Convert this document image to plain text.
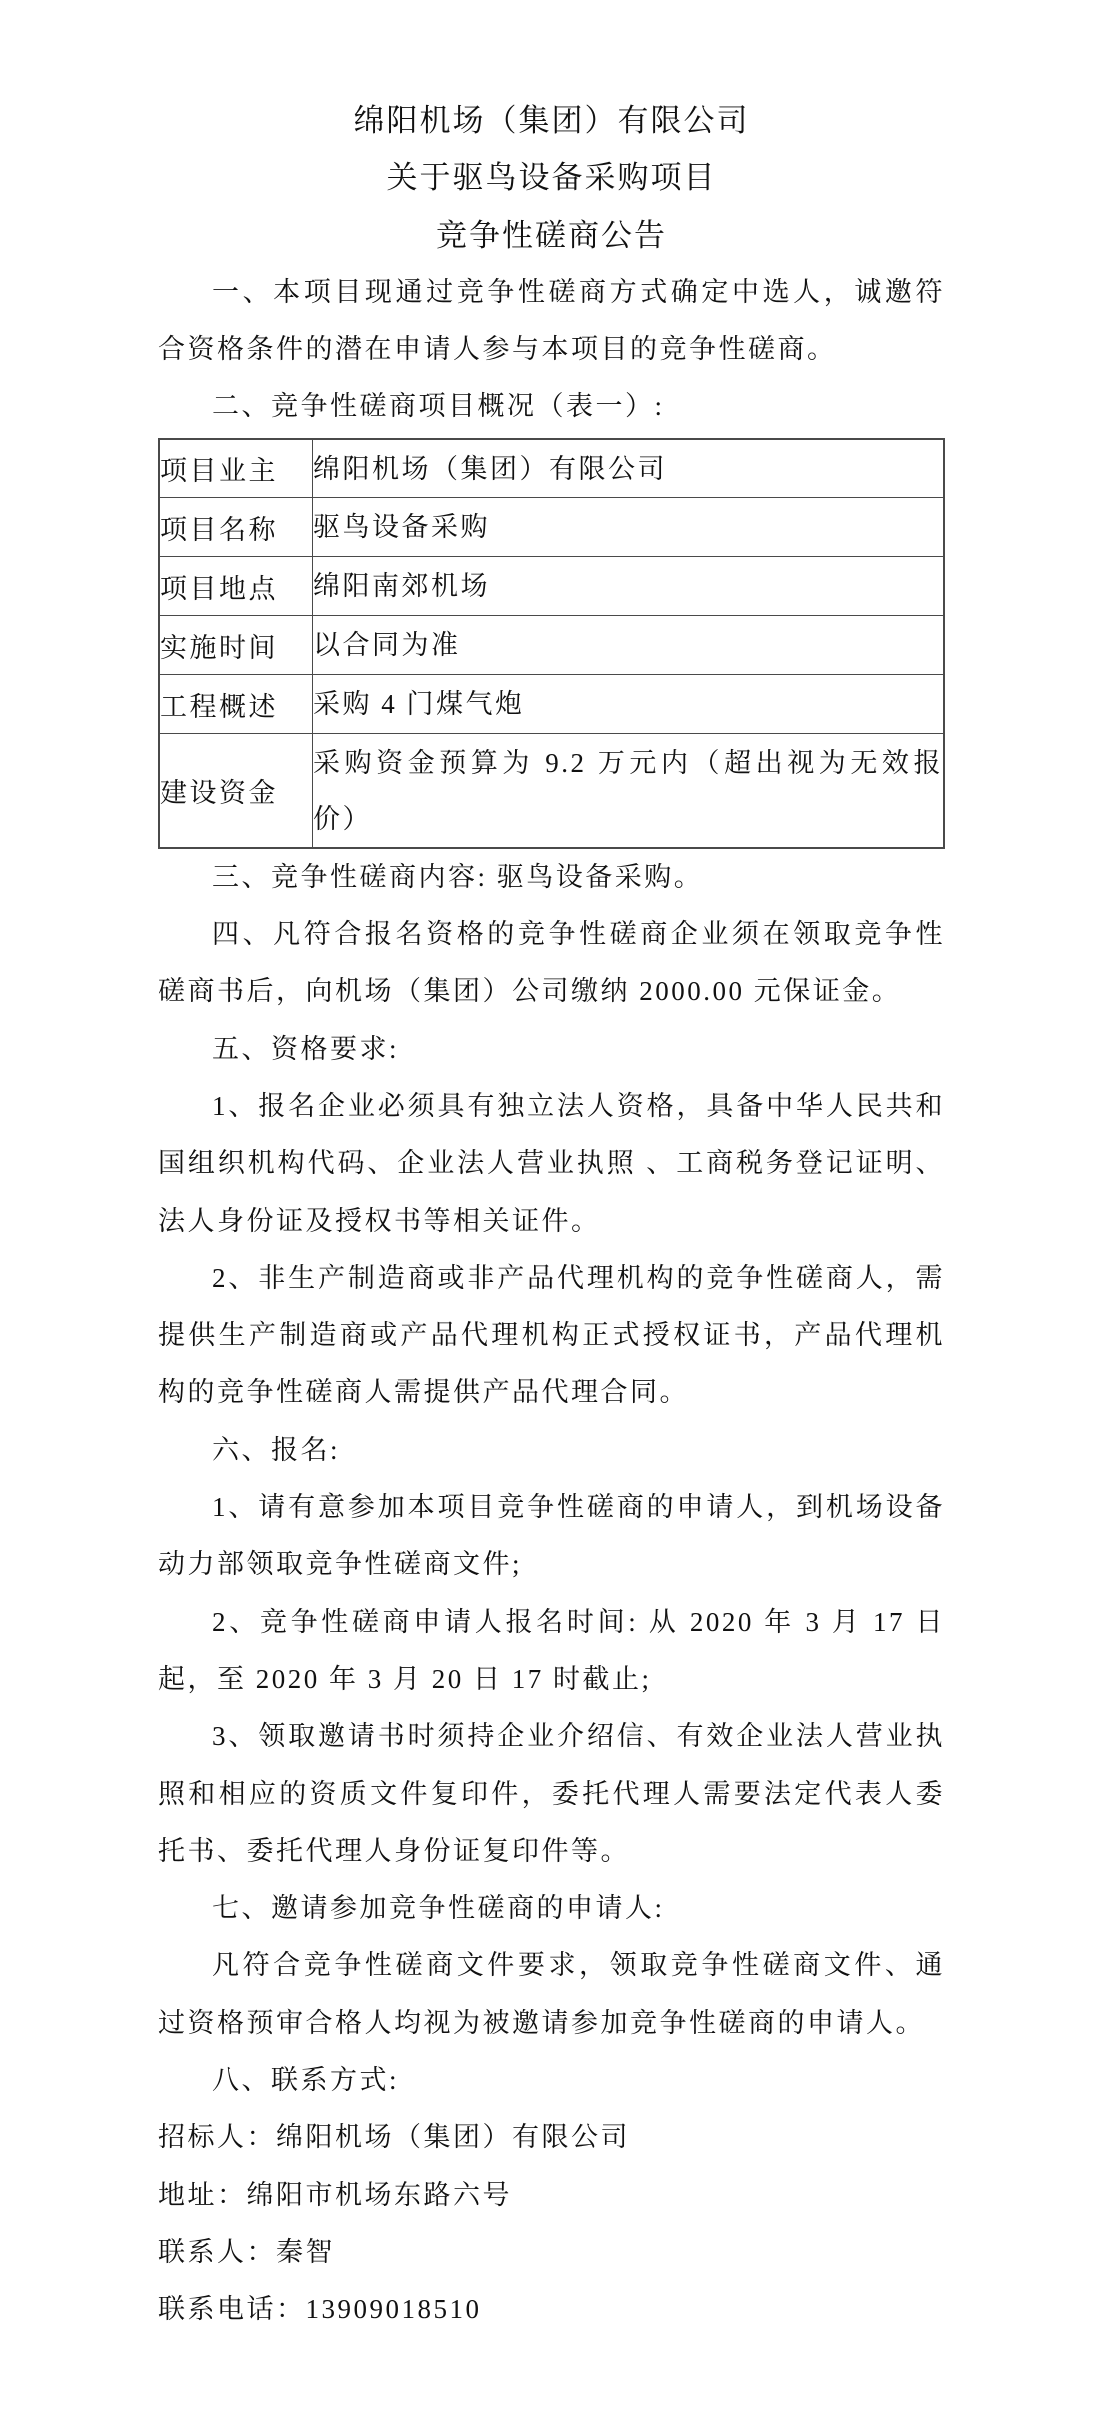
绵阳机场（集团）有限公司
关于驱鸟设备采购项目
竞争性磋商公告

一、本项目现通过竞争性磋商方式确定中选人，诚邀符合资格条件的潜在申请人参与本项目的竞争性磋商。

二、竞争性磋商项目概况（表一）:

项目业主	绵阳机场（集团）有限公司
项目名称	驱鸟设备采购
项目地点	绵阳南郊机场
实施时间	以合同为准
工程概述	采购 4 门煤气炮
建设资金	采购资金预算为 9.2 万元内（超出视为无效报价）

三、竞争性磋商内容: 驱鸟设备采购。

四、凡符合报名资格的竞争性磋商企业须在领取竞争性磋商书后，向机场（集团）公司缴纳 2000.00 元保证金。

五、资格要求:

1、报名企业必须具有独立法人资格，具备中华人民共和国组织机构代码、企业法人营业执照 、工商税务登记证明、法人身份证及授权书等相关证件。

2、非生产制造商或非产品代理机构的竞争性磋商人，需提供生产制造商或产品代理机构正式授权证书，产品代理机构的竞争性磋商人需提供产品代理合同。

六、报名:

1、请有意参加本项目竞争性磋商的申请人，到机场设备动力部领取竞争性磋商文件;

2、竞争性磋商申请人报名时间: 从 2020 年 3 月 17 日起，至 2020 年 3 月 20 日 17 时截止;

3、领取邀请书时须持企业介绍信、有效企业法人营业执照和相应的资质文件复印件，委托代理人需要法定代表人委托书、委托代理人身份证复印件等。

七、邀请参加竞争性磋商的申请人:

凡符合竞争性磋商文件要求，领取竞争性磋商文件、通过资格预审合格人均视为被邀请参加竞争性磋商的申请人。

八、联系方式:

招标人：绵阳机场（集团）有限公司

地址：绵阳市机场东路六号

联系人：秦智

联系电话：13909018510
